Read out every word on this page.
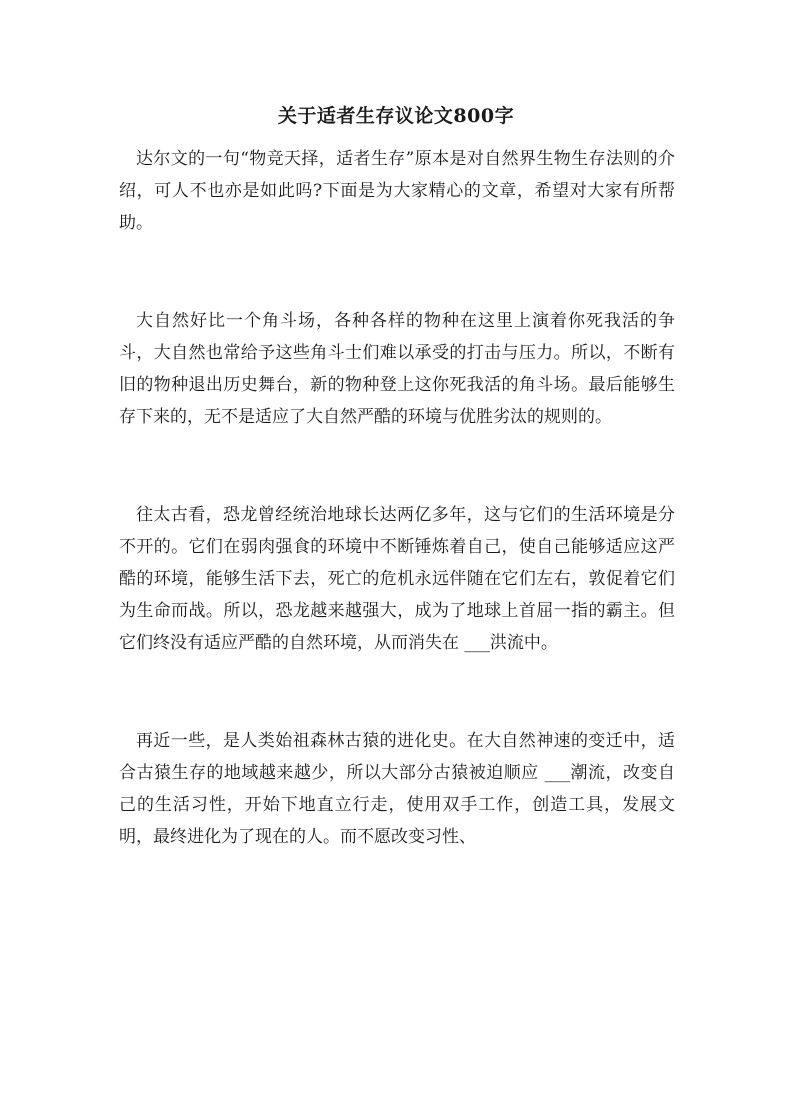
关于适者生存议论文800字

达尔文的一句“物竞天择，适者生存”原本是对自然界生物生存法则的介绍，可人不也亦是如此吗?下面是为大家精心的文章，希望对大家有所帮助。

大自然好比一个角斗场，各种各样的物种在这里上演着你死我活的争斗，大自然也常给予这些角斗士们难以承受的打击与压力。所以，不断有旧的物种退出历史舞台，新的物种登上这你死我活的角斗场。最后能够生存下来的，无不是适应了大自然严酷的环境与优胜劣汰的规则的。

往太古看，恐龙曾经统治地球长达两亿多年，这与它们的生活环境是分不开的。它们在弱肉强食的环境中不断锤炼着自己，使自己能够适应这严酷的环境，能够生活下去，死亡的危机永远伴随在它们左右，敦促着它们为生命而战。所以，恐龙越来越强大，成为了地球上首屈一指的霸主。但它们终没有适应严酷的自然环境，从而消失在 ___洪流中。

再近一些，是人类始祖森林古猿的进化史。在大自然神速的变迁中，适合古猿生存的地域越来越少，所以大部分古猿被迫顺应 ___潮流，改变自己的生活习性，开始下地直立行走，使用双手工作，创造工具，发展文明，最终进化为了现在的人。而不愿改变习性、
